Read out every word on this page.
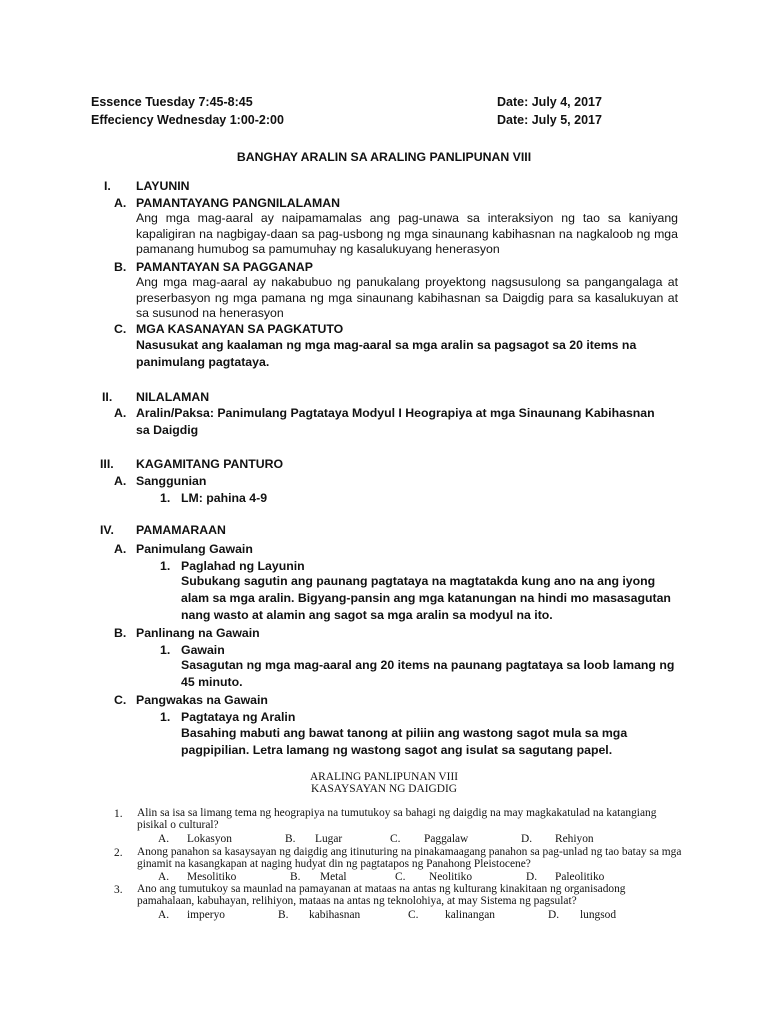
Essence Tuesday 7:45-8:45	Date: July 4, 2017
Effeciency Wednesday 1:00-2:00	Date: July 5, 2017
BANGHAY ARALIN SA ARALING PANLIPUNAN VIII
I. LAYUNIN
A. PAMANTAYANG PANGNILALAMAN
Ang mga mag-aaral ay naipamamalas ang pag-unawa sa interaksiyon ng tao sa kaniyang kapaligiran na nagbigay-daan sa pag-usbong ng mga sinaunang kabihasnan na nagkaloob ng mga pamanang humubog sa pamumuhay ng kasalukuyang henerasyon
B. PAMANTAYAN SA PAGGANAP
Ang mga mag-aaral ay nakabubuo ng panukalang proyektong nagsusulong sa pangangalaga at preserbasyon ng mga pamana ng mga sinaunang kabihasnan sa Daigdig para sa kasalukuyan at sa susunod na henerasyon
C. MGA KASANAYAN SA PAGKATUTO
Nasusukat ang kaalaman ng mga mag-aaral sa mga aralin sa pagsagot sa 20 items na panimulang pagtataya.
II. NILALAMAN
A. Aralin/Paksa: Panimulang Pagtataya Modyul I Heograpiya at mga Sinaunang Kabihasnan sa Daigdig
III. KAGAMITANG PANTURO
A. Sanggunian
1. LM: pahina 4-9
IV. PAMAMARAAN
A. Panimulang Gawain
1. Paglahad ng Layunin
Subukang sagutin ang paunang pagtataya na magtatakda kung ano na ang iyong alam sa mga aralin. Bigyang-pansin ang mga katanungan na hindi mo masasagutan nang wasto at alamin ang sagot sa mga aralin sa modyul na ito.
B. Panlinang na Gawain
1. Gawain
Sasagutan ng mga mag-aaral ang 20 items na paunang pagtataya sa loob lamang ng 45 minuto.
C. Pangwakas na Gawain
1. Pagtataya ng Aralin
Basahing mabuti ang bawat tanong at piliin ang wastong sagot mula sa mga pagpipilian. Letra lamang ng wastong sagot ang isulat sa sagutang papel.
ARALING PANLIPUNAN VIII
KASAYSAYAN NG DAIGDIG
1. Alin sa isa sa limang tema ng heograpiya na tumutukoy sa bahagi ng daigdig na may magkakatulad na katangiang pisikal o cultural?
A. Lokasyon	B. Lugar	C. Paggalaw	D. Rehiyon
2. Anong panahon sa kasaysayan ng daigdig ang itinuturing na pinakamaagang panahon sa pag-unlad ng tao batay sa mga ginamit na kasangkapan at naging hudyat din ng pagtatapos ng Panahong Pleistocene?
A. Mesolitiko	B. Metal	C. Neolitiko	D. Paleolitiko
3. Ano ang tumutukoy sa maunlad na pamayanan at mataas na antas ng kulturang kinakitaan ng organisadong pamahalaan, kabuhayan, relihiyon, mataas na antas ng teknolohiya, at may Sistema ng pagsulat?
A. imperyo	B. kabihasnan	C. kalinangan	D. lungsod
